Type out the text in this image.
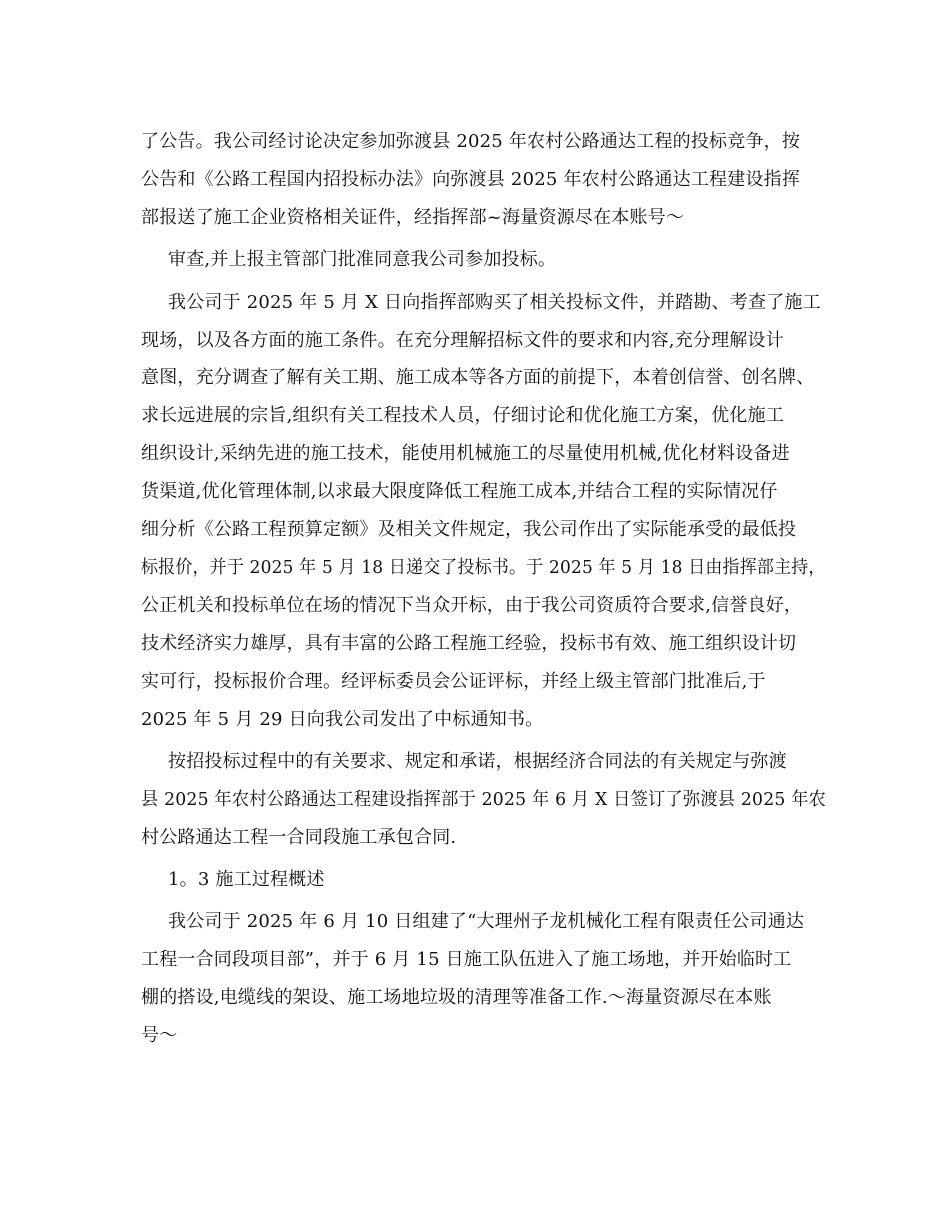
了公告。我公司经讨论决定参加弥渡县 2025 年农村公路通达工程的投标竞争，按
公告和《公路工程国内招投标办法》向弥渡县 2025 年农村公路通达工程建设指挥
部报送了施工企业资格相关证件，经指挥部~海量资源尽在本账号～
审查,并上报主管部门批准同意我公司参加投标。
我公司于 2025 年 5 月 X 日向指挥部购买了相关投标文件，并踏勘、考查了施工
现场，以及各方面的施工条件。在充分理解招标文件的要求和内容,充分理解设计
意图，充分调查了解有关工期、施工成本等各方面的前提下，本着创信誉、创名牌、
求长远进展的宗旨,组织有关工程技术人员，仔细讨论和优化施工方案，优化施工
组织设计,采纳先进的施工技术，能使用机械施工的尽量使用机械,优化材料设备进
货渠道,优化管理体制,以求最大限度降低工程施工成本,并结合工程的实际情况仔
细分析《公路工程预算定额》及相关文件规定，我公司作出了实际能承受的最低投
标报价，并于 2025 年 5 月 18 日递交了投标书。于 2025 年 5 月 18 日由指挥部主持，
公正机关和投标单位在场的情况下当众开标，由于我公司资质符合要求,信誉良好，
技术经济实力雄厚，具有丰富的公路工程施工经验，投标书有效、施工组织设计切
实可行，投标报价合理。经评标委员会公证评标，并经上级主管部门批准后,于
2025 年 5 月 29 日向我公司发出了中标通知书。
按招投标过程中的有关要求、规定和承诺，根据经济合同法的有关规定与弥渡
县 2025 年农村公路通达工程建设指挥部于 2025 年 6 月 X 日签订了弥渡县 2025 年农
村公路通达工程一合同段施工承包合同.
1。3 施工过程概述
我公司于 2025 年 6 月 10 日组建了“大理州子龙机械化工程有限责任公司通达
工程一合同段项目部”，并于 6 月 15 日施工队伍进入了施工场地，并开始临时工
棚的搭设,电缆线的架设、施工场地垃圾的清理等准备工作.～海量资源尽在本账
号～
